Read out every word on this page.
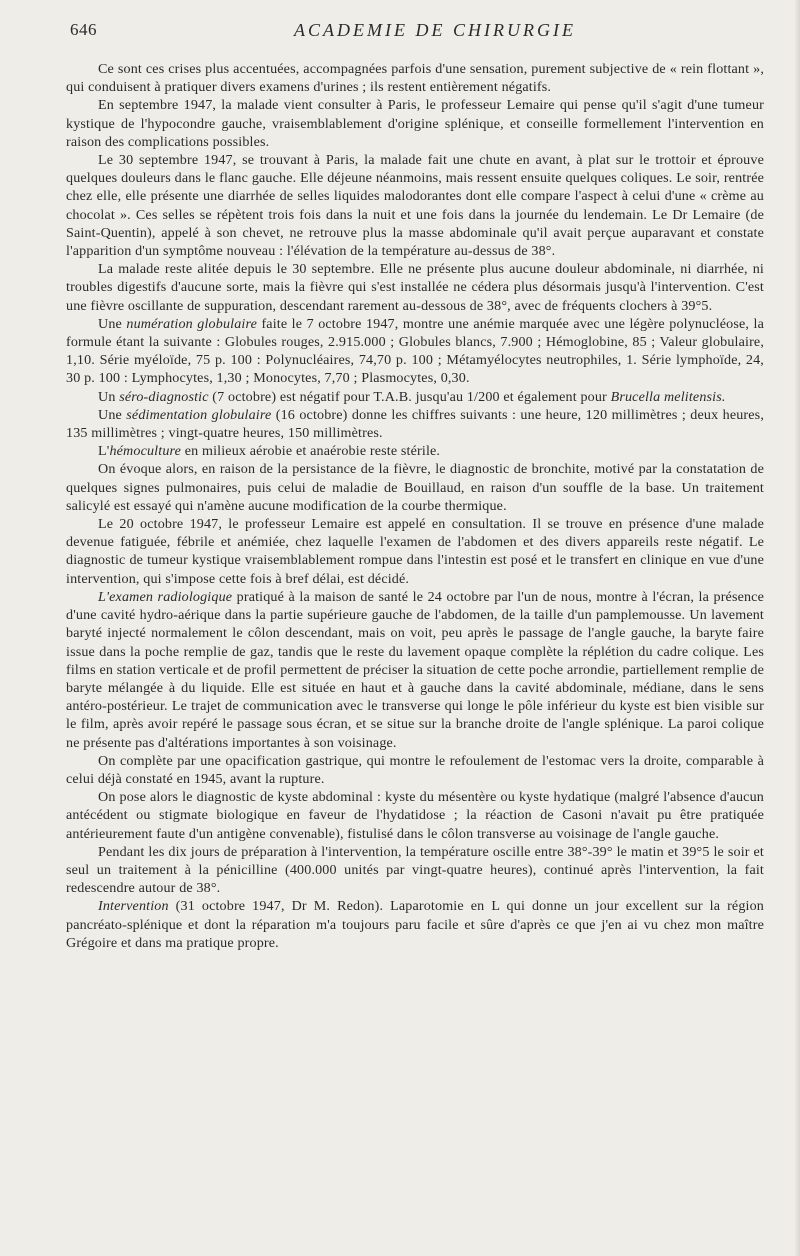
646	ACADEMIE DE CHIRURGIE

Ce sont ces crises plus accentuées, accompagnées parfois d'une sensation, purement subjective de « rein flottant », qui conduisent à pratiquer divers examens d'urines ; ils restent entièrement négatifs.

En septembre 1947, la malade vient consulter à Paris, le professeur Lemaire qui pense qu'il s'agit d'une tumeur kystique de l'hypocondre gauche, vraisemblablement d'origine splénique, et conseille formellement l'intervention en raison des complications possibles.

Le 30 septembre 1947, se trouvant à Paris, la malade fait une chute en avant, à plat sur le trottoir et éprouve quelques douleurs dans le flanc gauche. Elle déjeune néanmoins, mais ressent ensuite quelques coliques. Le soir, rentrée chez elle, elle présente une diarrhée de selles liquides malodorantes dont elle compare l'aspect à celui d'une « crème au chocolat ». Ces selles se répètent trois fois dans la nuit et une fois dans la journée du lendemain. Le Dr Lemaire (de Saint-Quentin), appelé à son chevet, ne retrouve plus la masse abdominale qu'il avait perçue auparavant et constate l'apparition d'un symptôme nouveau : l'élévation de la température au-dessus de 38°.

La malade reste alitée depuis le 30 septembre. Elle ne présente plus aucune douleur abdominale, ni diarrhée, ni troubles digestifs d'aucune sorte, mais la fièvre qui s'est installée ne cédera plus désormais jusqu'à l'intervention. C'est une fièvre oscillante de suppuration, descendant rarement au-dessous de 38°, avec de fréquents clochers à 39°5.

Une numération globulaire faite le 7 octobre 1947, montre une anémie marquée avec une légère polynucléose, la formule étant la suivante : Globules rouges, 2.915.000 ; Globules blancs, 7.900 ; Hémoglobine, 85 ; Valeur globulaire, 1,10. Série myéloïde, 75 p. 100 : Polynucléaires, 74,70 p. 100 ; Métamyélocytes neutrophiles, 1. Série lymphoïde, 24, 30 p. 100 : Lymphocytes, 1,30 ; Monocytes, 7,70 ; Plasmocytes, 0,30.

Un séro-diagnostic (7 octobre) est négatif pour T.A.B. jusqu'au 1/200 et également pour Brucella melitensis.

Une sédimentation globulaire (16 octobre) donne les chiffres suivants : une heure, 120 millimètres ; deux heures, 135 millimètres ; vingt-quatre heures, 150 millimètres.

L'hémoculture en milieux aérobie et anaérobie reste stérile.

On évoque alors, en raison de la persistance de la fièvre, le diagnostic de bronchite, motivé par la constatation de quelques signes pulmonaires, puis celui de maladie de Bouillaud, en raison d'un souffle de la base. Un traitement salicylé est essayé qui n'amène aucune modification de la courbe thermique.

Le 20 octobre 1947, le professeur Lemaire est appelé en consultation. Il se trouve en présence d'une malade devenue fatiguée, fébrile et anémiée, chez laquelle l'examen de l'abdomen et des divers appareils reste négatif. Le diagnostic de tumeur kystique vraisemblablement rompue dans l'intestin est posé et le transfert en clinique en vue d'une intervention, qui s'impose cette fois à bref délai, est décidé.

L'examen radiologique pratiqué à la maison de santé le 24 octobre par l'un de nous, montre à l'écran, la présence d'une cavité hydro-aérique dans la partie supérieure gauche de l'abdomen, de la taille d'un pamplemousse. Un lavement baryté injecté normalement le côlon descendant, mais on voit, peu après le passage de l'angle gauche, la baryte faire issue dans la poche remplie de gaz, tandis que le reste du lavement opaque complète la réplétion du cadre colique. Les films en station verticale et de profil permettent de préciser la situation de cette poche arrondie, partiellement remplie de baryte mélangée à du liquide. Elle est située en haut et à gauche dans la cavité abdominale, médiane, dans le sens antéro-postérieur. Le trajet de communication avec le transverse qui longe le pôle inférieur du kyste est bien visible sur le film, après avoir repéré le passage sous écran, et se situe sur la branche droite de l'angle splénique. La paroi colique ne présente pas d'altérations importantes à son voisinage.

On complète par une opacification gastrique, qui montre le refoulement de l'estomac vers la droite, comparable à celui déjà constaté en 1945, avant la rupture.

On pose alors le diagnostic de kyste abdominal : kyste du mésentère ou kyste hydatique (malgré l'absence d'aucun antécédent ou stigmate biologique en faveur de l'hydatidose ; la réaction de Casoni n'avait pu être pratiquée antérieurement faute d'un antigène convenable), fistulisé dans le côlon transverse au voisinage de l'angle gauche.

Pendant les dix jours de préparation à l'intervention, la température oscille entre 38°-39° le matin et 39°5 le soir et seul un traitement à la pénicilline (400.000 unités par vingt-quatre heures), continué après l'intervention, la fait redescendre autour de 38°.

Intervention (31 octobre 1947, Dr M. Redon). Laparotomie en L qui donne un jour excellent sur la région pancréato-splénique et dont la réparation m'a toujours paru facile et sûre d'après ce que j'en ai vu chez mon maître Grégoire et dans ma pratique propre.
